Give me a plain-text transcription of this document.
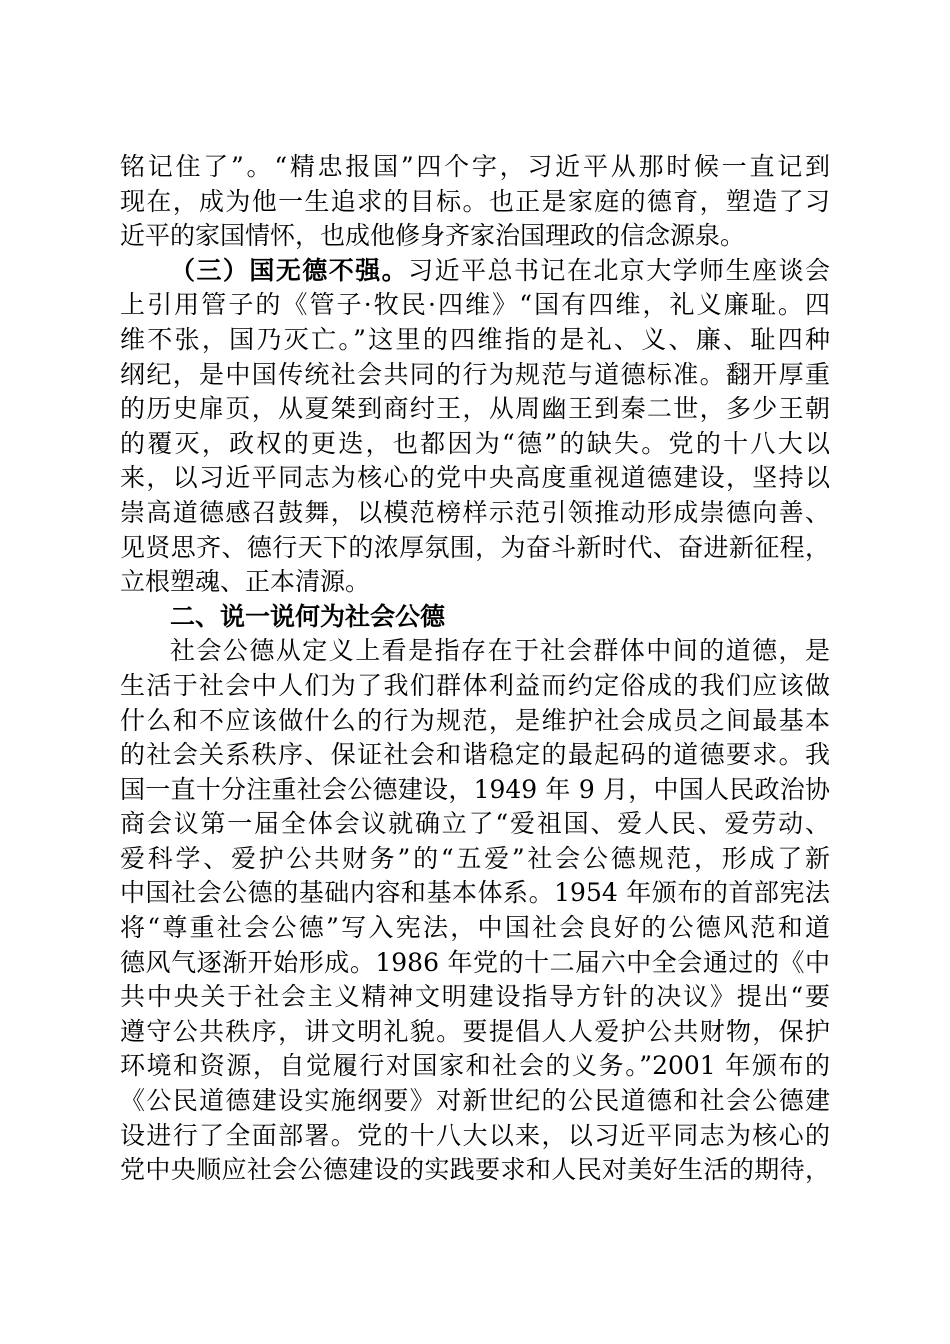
铭记住了”。“精忠报国”四个字，习近平从那时候一直记到
现在，成为他一生追求的目标。也正是家庭的德育，塑造了习
近平的家国情怀，也成他修身齐家治国理政的信念源泉。
（三）国无德不强。习近平总书记在北京大学师生座谈会
上引用管子的《管子·牧民·四维》“国有四维，礼义廉耻。四
维不张，国乃灭亡。”这里的四维指的是礼、义、廉、耻四种
纲纪，是中国传统社会共同的行为规范与道德标准。翻开厚重
的历史扉页，从夏桀到商纣王，从周幽王到秦二世，多少王朝
的覆灭，政权的更迭，也都因为“德”的缺失。党的十八大以
来，以习近平同志为核心的党中央高度重视道德建设，坚持以
崇高道德感召鼓舞，以模范榜样示范引领推动形成崇德向善、
见贤思齐、德行天下的浓厚氛围，为奋斗新时代、奋进新征程，
立根塑魂、正本清源。
二、说一说何为社会公德
社会公德从定义上看是指存在于社会群体中间的道德，是
生活于社会中人们为了我们群体利益而约定俗成的我们应该做
什么和不应该做什么的行为规范，是维护社会成员之间最基本
的社会关系秩序、保证社会和谐稳定的最起码的道德要求。我
国一直十分注重社会公德建设，1949 年 9 月，中国人民政治协
商会议第一届全体会议就确立了“爱祖国、爱人民、爱劳动、
爱科学、爱护公共财务”的“五爱”社会公德规范，形成了新
中国社会公德的基础内容和基本体系。1954 年颁布的首部宪法
将“尊重社会公德”写入宪法，中国社会良好的公德风范和道
德风气逐渐开始形成。1986 年党的十二届六中全会通过的《中
共中央关于社会主义精神文明建设指导方针的决议》提出“要
遵守公共秩序，讲文明礼貌。要提倡人人爱护公共财物，保护
环境和资源，自觉履行对国家和社会的义务。”2001 年颁布的
《公民道德建设实施纲要》对新世纪的公民道德和社会公德建
设进行了全面部署。党的十八大以来，以习近平同志为核心的
党中央顺应社会公德建设的实践要求和人民对美好生活的期待，
